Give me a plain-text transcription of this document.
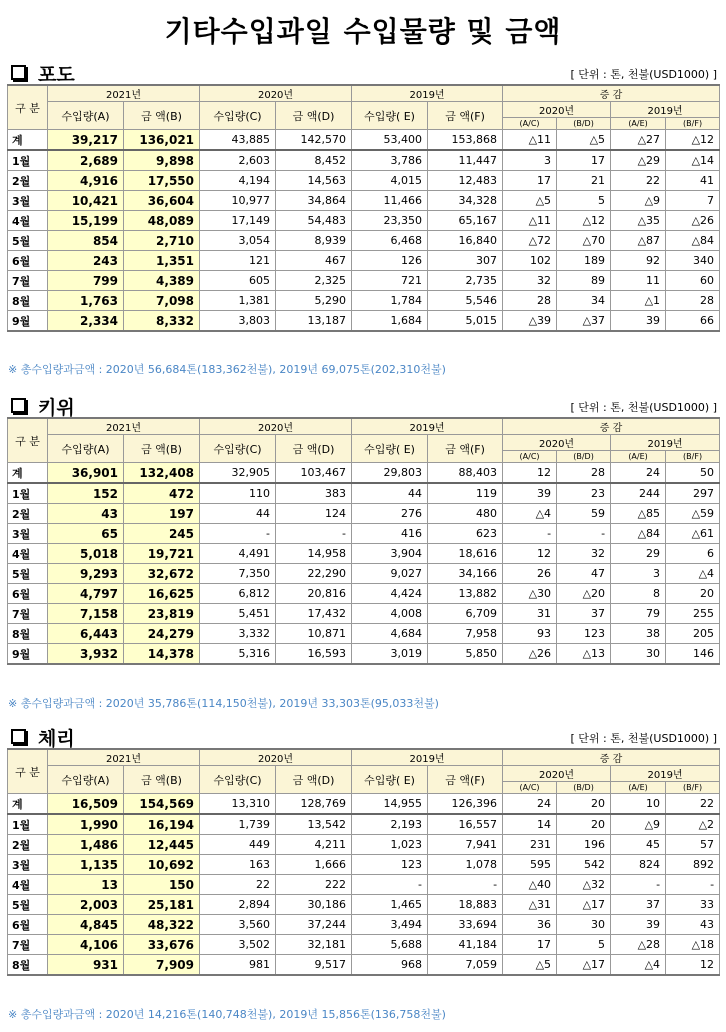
기타수입과일 수입물량 및 금액
포도	[ 단위 : 톤, 천불(USD1000) ]
구 분	2021년		2020년		2019년		증 감			
	수입량(A)	금 액(B)	수입량(C)	금 액(D)	수입량( E)	금 액(F)	2020년		2019년	
							(A/C)	(B/D)	(A/E)	(B/F)
계	39,217	136,021	43,885	142,570	53,400	153,868	△11	△5	△27	△12
1월	2,689	9,898	2,603	8,452	3,786	11,447	3	17	△29	△14
2월	4,916	17,550	4,194	14,563	4,015	12,483	17	21	22	41
3월	10,421	36,604	10,977	34,864	11,466	34,328	△5	5	△9	7
4월	15,199	48,089	17,149	54,483	23,350	65,167	△11	△12	△35	△26
5월	854	2,710	3,054	8,939	6,468	16,840	△72	△70	△87	△84
6월	243	1,351	121	467	126	307	102	189	92	340
7월	799	4,389	605	2,325	721	2,735	32	89	11	60
8월	1,763	7,098	1,381	5,290	1,784	5,546	28	34	△1	28
9월	2,334	8,332	3,803	13,187	1,684	5,015	△39	△37	39	66
※ 총수입량과금액 : 2020년 56,684톤(183,362천불), 2019년 69,075톤(202,310천불)
키위	[ 단위 : 톤, 천불(USD1000) ]
구 분	2021년		2020년		2019년		증 감			
	수입량(A)	금 액(B)	수입량(C)	금 액(D)	수입량( E)	금 액(F)	2020년		2019년	
							(A/C)	(B/D)	(A/E)	(B/F)
계	36,901	132,408	32,905	103,467	29,803	88,403	12	28	24	50
1월	152	472	110	383	44	119	39	23	244	297
2월	43	197	44	124	276	480	△4	59	△85	△59
3월	65	245	-	-	416	623	-	-	△84	△61
4월	5,018	19,721	4,491	14,958	3,904	18,616	12	32	29	6
5월	9,293	32,672	7,350	22,290	9,027	34,166	26	47	3	△4
6월	4,797	16,625	6,812	20,816	4,424	13,882	△30	△20	8	20
7월	7,158	23,819	5,451	17,432	4,008	6,709	31	37	79	255
8월	6,443	24,279	3,332	10,871	4,684	7,958	93	123	38	205
9월	3,932	14,378	5,316	16,593	3,019	5,850	△26	△13	30	146
※ 총수입량과금액 : 2020년 35,786톤(114,150천불), 2019년 33,303톤(95,033천불)
체리	[ 단위 : 톤, 천불(USD1000) ]
구 분	2021년		2020년		2019년		증 감			
	수입량(A)	금 액(B)	수입량(C)	금 액(D)	수입량( E)	금 액(F)	2020년		2019년	
							(A/C)	(B/D)	(A/E)	(B/F)
계	16,509	154,569	13,310	128,769	14,955	126,396	24	20	10	22
1월	1,990	16,194	1,739	13,542	2,193	16,557	14	20	△9	△2
2월	1,486	12,445	449	4,211	1,023	7,941	231	196	45	57
3월	1,135	10,692	163	1,666	123	1,078	595	542	824	892
4월	13	150	22	222	-	-	△40	△32	-	-
5월	2,003	25,181	2,894	30,186	1,465	18,883	△31	△17	37	33
6월	4,845	48,322	3,560	37,244	3,494	33,694	36	30	39	43
7월	4,106	33,676	3,502	32,181	5,688	41,184	17	5	△28	△18
8월	931	7,909	981	9,517	968	7,059	△5	△17	△4	12
※ 총수입량과금액 : 2020년 14,216톤(140,748천불), 2019년 15,856톤(136,758천불)
